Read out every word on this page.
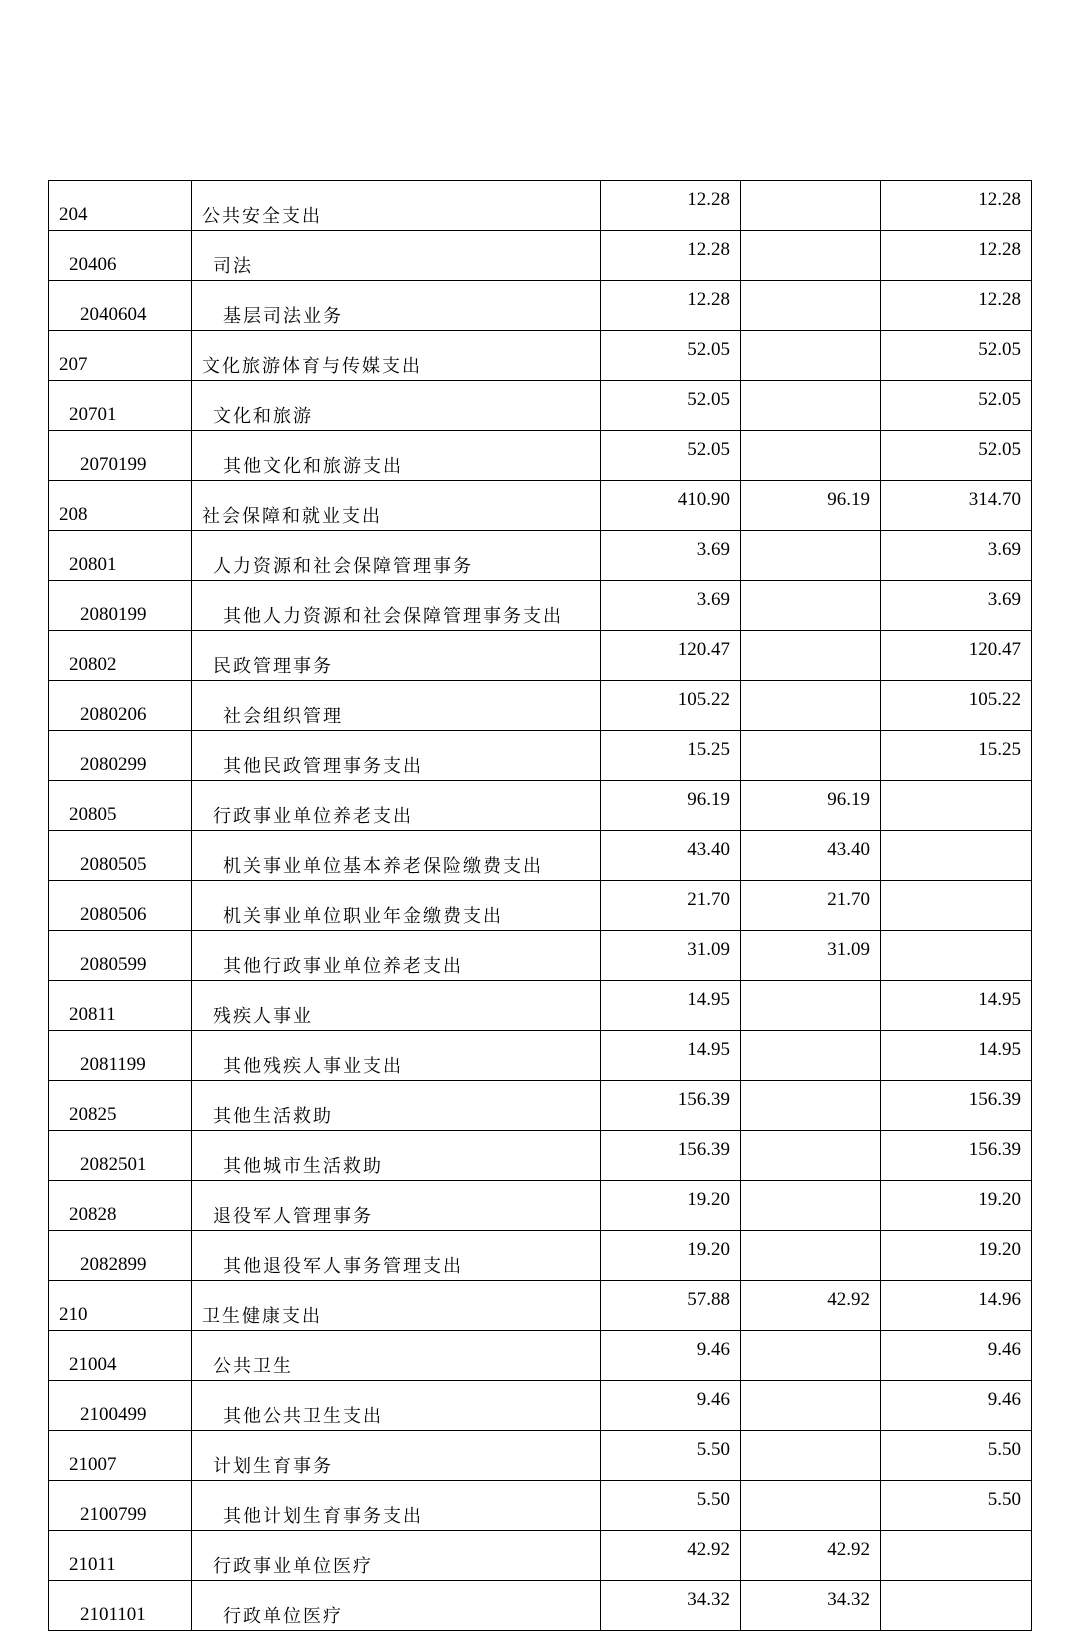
204	公共安全支出	12.28		12.28
20406	司法	12.28		12.28
2040604	基层司法业务	12.28		12.28
207	文化旅游体育与传媒支出	52.05		52.05
20701	文化和旅游	52.05		52.05
2070199	其他文化和旅游支出	52.05		52.05
208	社会保障和就业支出	410.90	96.19	314.70
20801	人力资源和社会保障管理事务	3.69		3.69
2080199	其他人力资源和社会保障管理事务支出	3.69		3.69
20802	民政管理事务	120.47		120.47
2080206	社会组织管理	105.22		105.22
2080299	其他民政管理事务支出	15.25		15.25
20805	行政事业单位养老支出	96.19	96.19	
2080505	机关事业单位基本养老保险缴费支出	43.40	43.40	
2080506	机关事业单位职业年金缴费支出	21.70	21.70	
2080599	其他行政事业单位养老支出	31.09	31.09	
20811	残疾人事业	14.95		14.95
2081199	其他残疾人事业支出	14.95		14.95
20825	其他生活救助	156.39		156.39
2082501	其他城市生活救助	156.39		156.39
20828	退役军人管理事务	19.20		19.20
2082899	其他退役军人事务管理支出	19.20		19.20
210	卫生健康支出	57.88	42.92	14.96
21004	公共卫生	9.46		9.46
2100499	其他公共卫生支出	9.46		9.46
21007	计划生育事务	5.50		5.50
2100799	其他计划生育事务支出	5.50		5.50
21011	行政事业单位医疗	42.92	42.92	
2101101	行政单位医疗	34.32	34.32	
